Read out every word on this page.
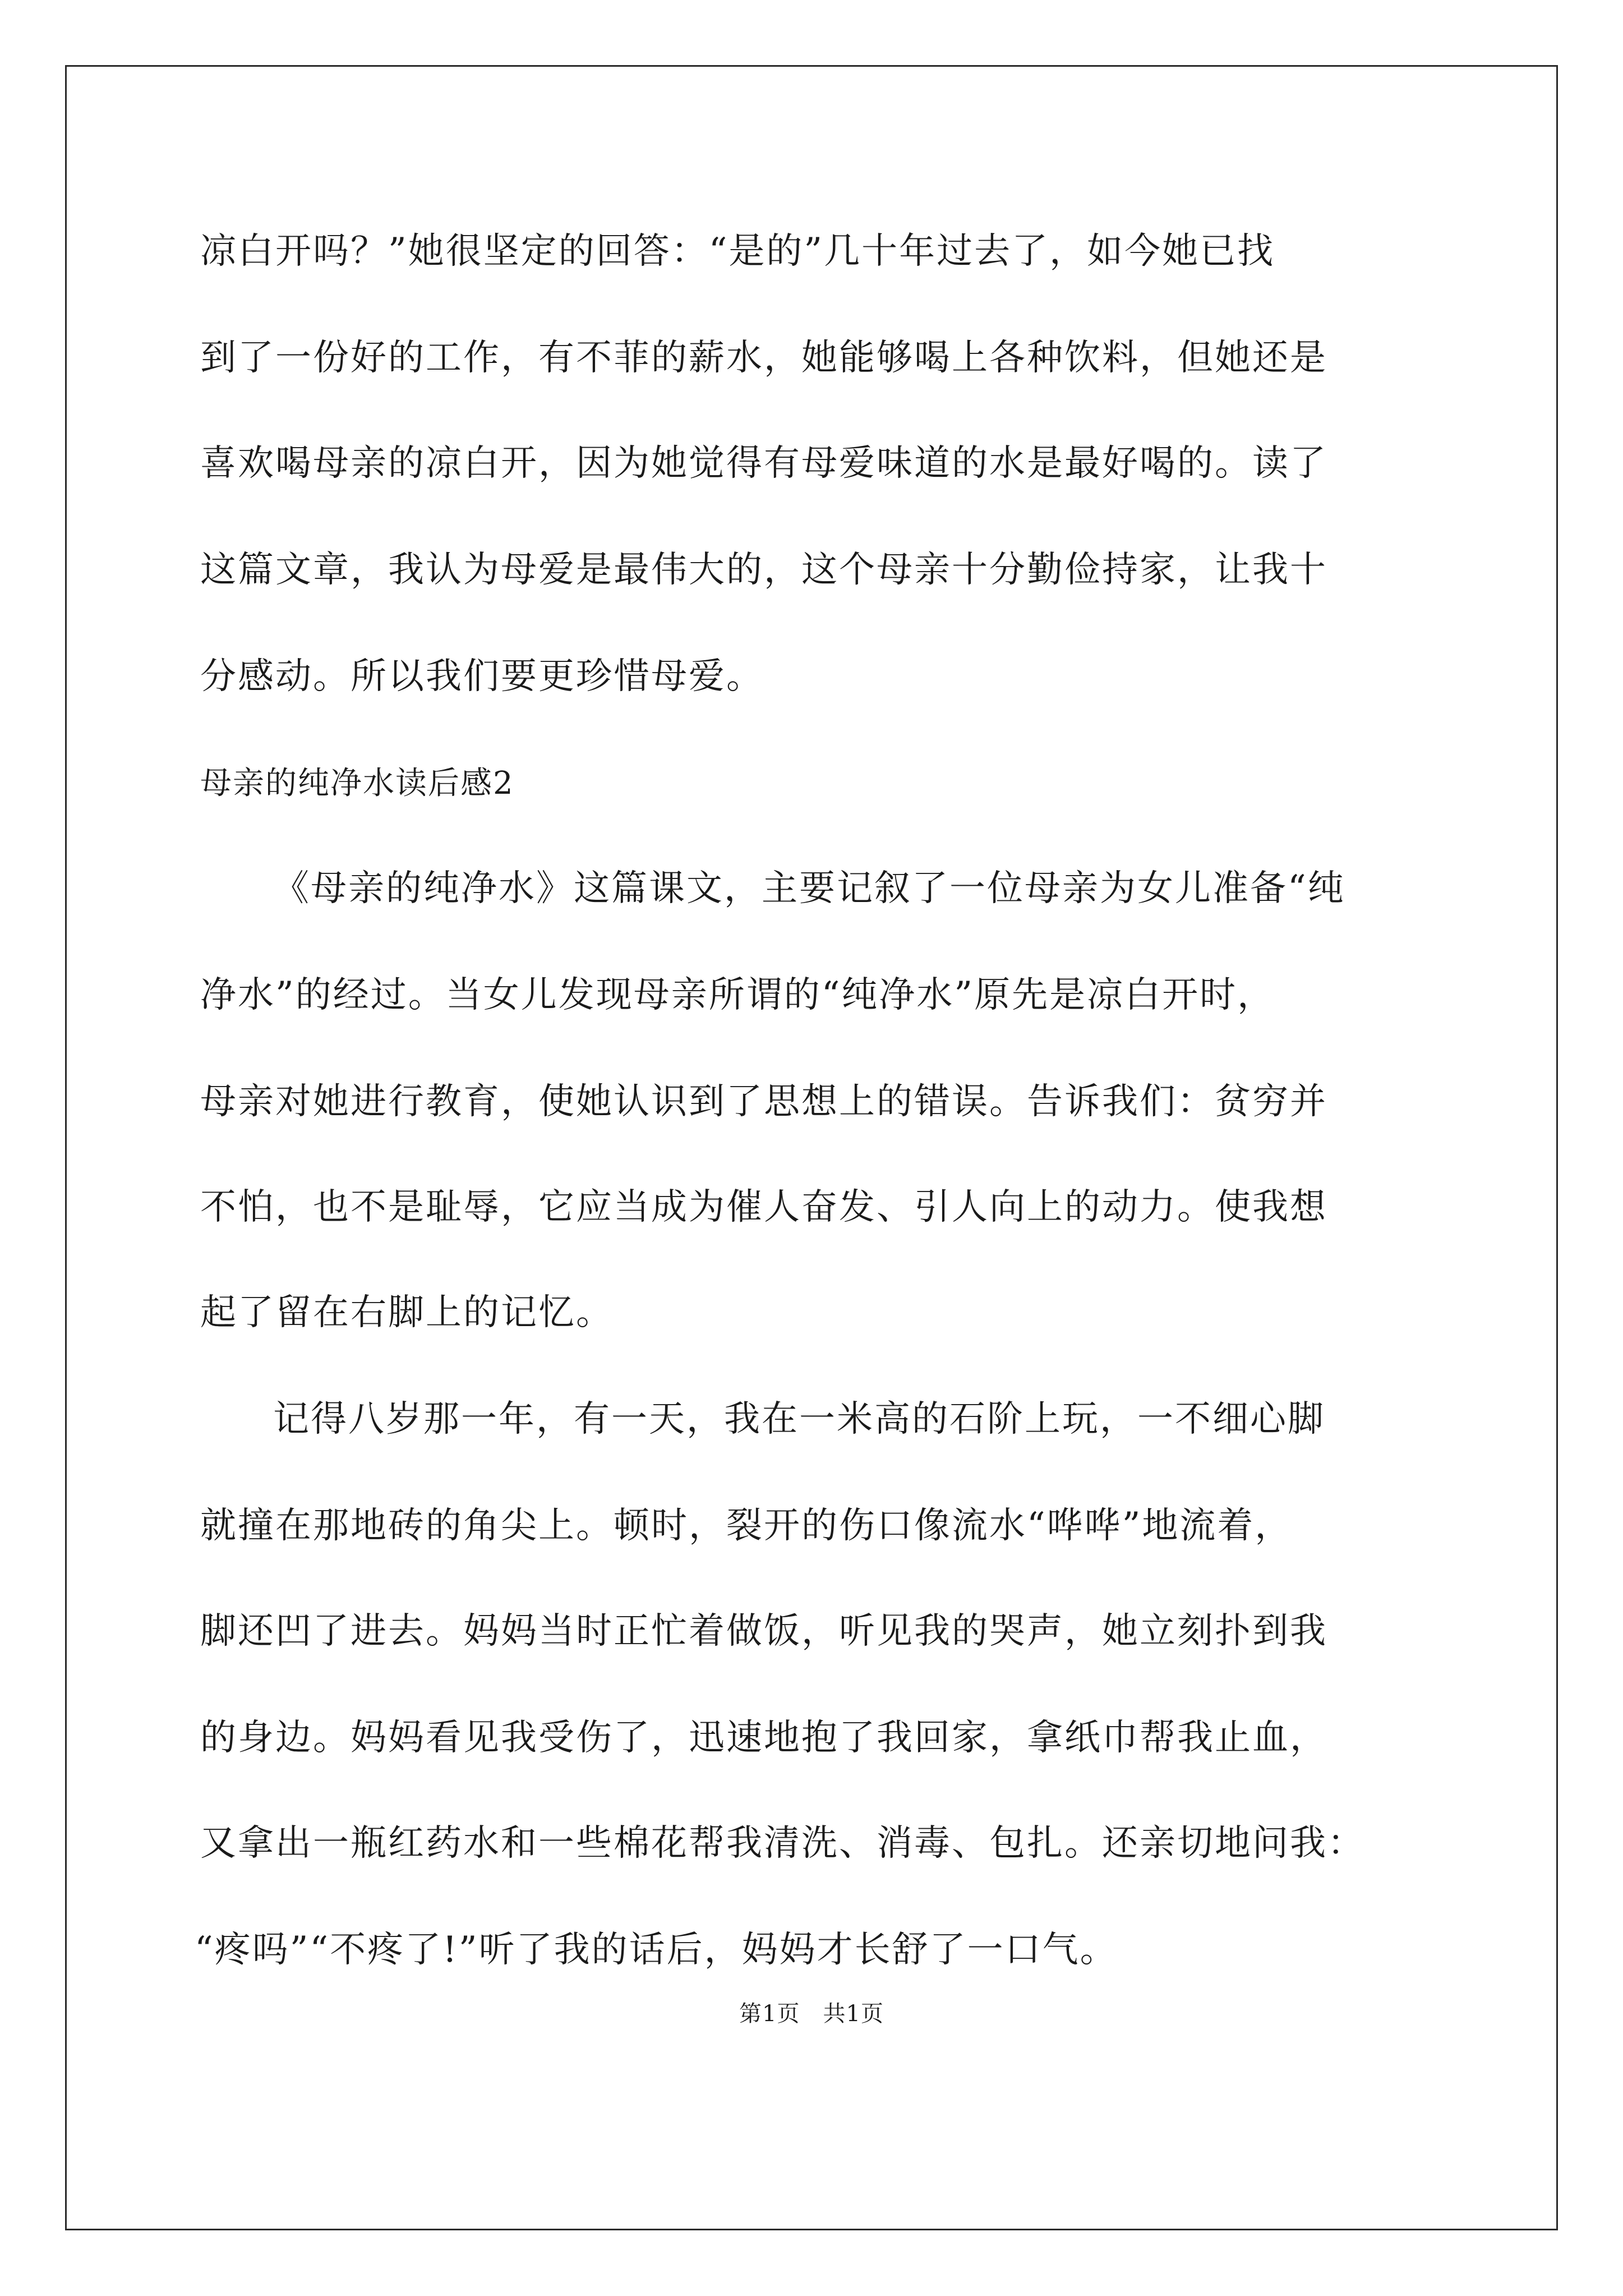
凉白开吗？”她很坚定的回答：“是的”几十年过去了，如今她已找
到了一份好的工作，有不菲的薪水，她能够喝上各种饮料，但她还是
喜欢喝母亲的凉白开，因为她觉得有母爱味道的水是最好喝的。读了
这篇文章，我认为母爱是最伟大的，这个母亲十分勤俭持家，让我十
分感动。所以我们要更珍惜母爱。
母亲的纯净水读后感2
《母亲的纯净水》这篇课文，主要记叙了一位母亲为女儿准备“纯
净水”的经过。当女儿发现母亲所谓的“纯净水”原先是凉白开时，
母亲对她进行教育，使她认识到了思想上的错误。告诉我们：贫穷并
不怕，也不是耻辱，它应当成为催人奋发、引人向上的动力。使我想
起了留在右脚上的记忆。
记得八岁那一年，有一天，我在一米高的石阶上玩，一不细心脚
就撞在那地砖的角尖上。顿时，裂开的伤口像流水“哗哗”地流着，
脚还凹了进去。妈妈当时正忙着做饭，听见我的哭声，她立刻扑到我
的身边。妈妈看见我受伤了，迅速地抱了我回家，拿纸巾帮我止血，
又拿出一瓶红药水和一些棉花帮我清洗、消毒、包扎。还亲切地问我：
“疼吗”“不疼了!”听了我的话后，妈妈才长舒了一口气。
第1页　共1页
